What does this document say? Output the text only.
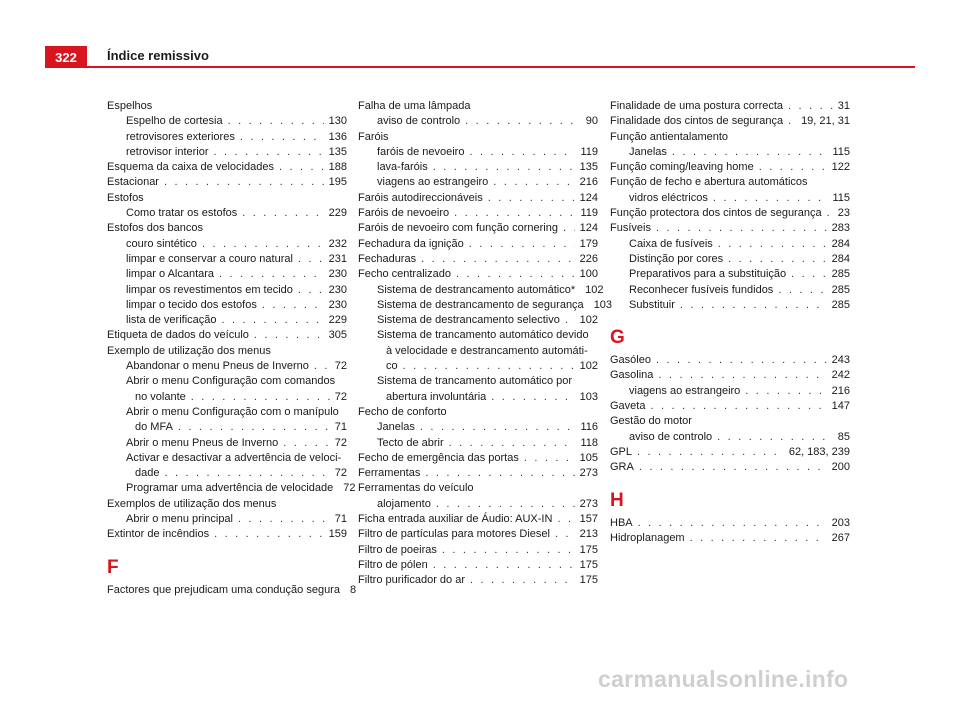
322	Índice remissivo
Espelhos
Espelho de cortesia . . .	130
retrovisores exteriores . . .	136
retrovisor interior . . .	135
Esquema da caixa de velocidades . . .	188
Estacionar . . .	195
Estofos
Como tratar os estofos . . .	229
Estofos dos bancos
couro sintético . . .	232
limpar e conservar a couro natural . . .	231
limpar o Alcantara . . .	230
limpar os revestimentos em tecido . . .	230
limpar o tecido dos estofos . . .	230
lista de verificação . . .	229
Etiqueta de dados do veículo . . .	305
Exemplo de utilização dos menus
Abandonar o menu Pneus de Inverno . . . 72
Abrir o menu Configuração com comandos
no volante . . .	72
Abrir o menu Configuração com o manípulo
do MFA . . .	71
Abrir o menu Pneus de Inverno . . .	72
Activar e desactivar a advertência de veloci-
dade . . .	72
Programar uma advertência de velocidade 72
Exemplos de utilização dos menus
Abrir o menu principal . . .	71
Extintor de incêndios . . .	159
F
Factores que prejudicam uma condução segura 8
Falha de uma lâmpada
aviso de controlo . . .	90
Faróis
faróis de nevoeiro . . .	119
lava-faróis . . .	135
viagens ao estrangeiro . . .	216
Faróis autodireccionáveis . . .	124
Faróis de nevoeiro . . .	119
Faróis de nevoeiro com função cornering . . . 124
Fechadura da ignição . . .	179
Fechaduras . . .	226
Fecho centralizado . . .	100
Sistema de destrancamento automático* 102
Sistema de destrancamento de segurança 103
Sistema de destrancamento selectivo . . . 102
Sistema de trancamento automático devido
à velocidade e destrancamento automáti-
co . . .	102
Sistema de trancamento automático por
abertura involuntária . . .	103
Fecho de conforto
Janelas . . .	116
Tecto de abrir . . .	118
Fecho de emergência das portas . . .	105
Ferramentas . . .	273
Ferramentas do veículo
alojamento . . .	273
Ficha entrada auxiliar de Áudio: AUX-IN . . . 157
Filtro de partículas para motores Diesel . . .	213
Filtro de poeiras . . .	175
Filtro de pólen . . .	175
Filtro purificador do ar . . .	175
Finalidade de uma postura correcta . . .	31
Finalidade dos cintos de segurança . . . 19, 21, 31
Função antientalamento
Janelas . . .	115
Função coming/leaving home . . .	122
Função de fecho e abertura automáticos
vidros eléctricos . . .	115
Função protectora dos cintos de segurança . . . 23
Fusíveis . . .	283
Caixa de fusíveis . . .	284
Distinção por cores . . .	284
Preparativos para a substituição . . .	285
Reconhecer fusíveis fundidos . . .	285
Substituir . . .	285
G
Gasóleo . . .	243
Gasolina . . .	242
viagens ao estrangeiro . . .	216
Gaveta . . .	147
Gestão do motor
aviso de controlo . . .	85
GPL . . .	62, 183, 239
GRA . . .	200
H
HBA . . .	203
Hidroplanagem . . .	267
carmanualsonline.info
